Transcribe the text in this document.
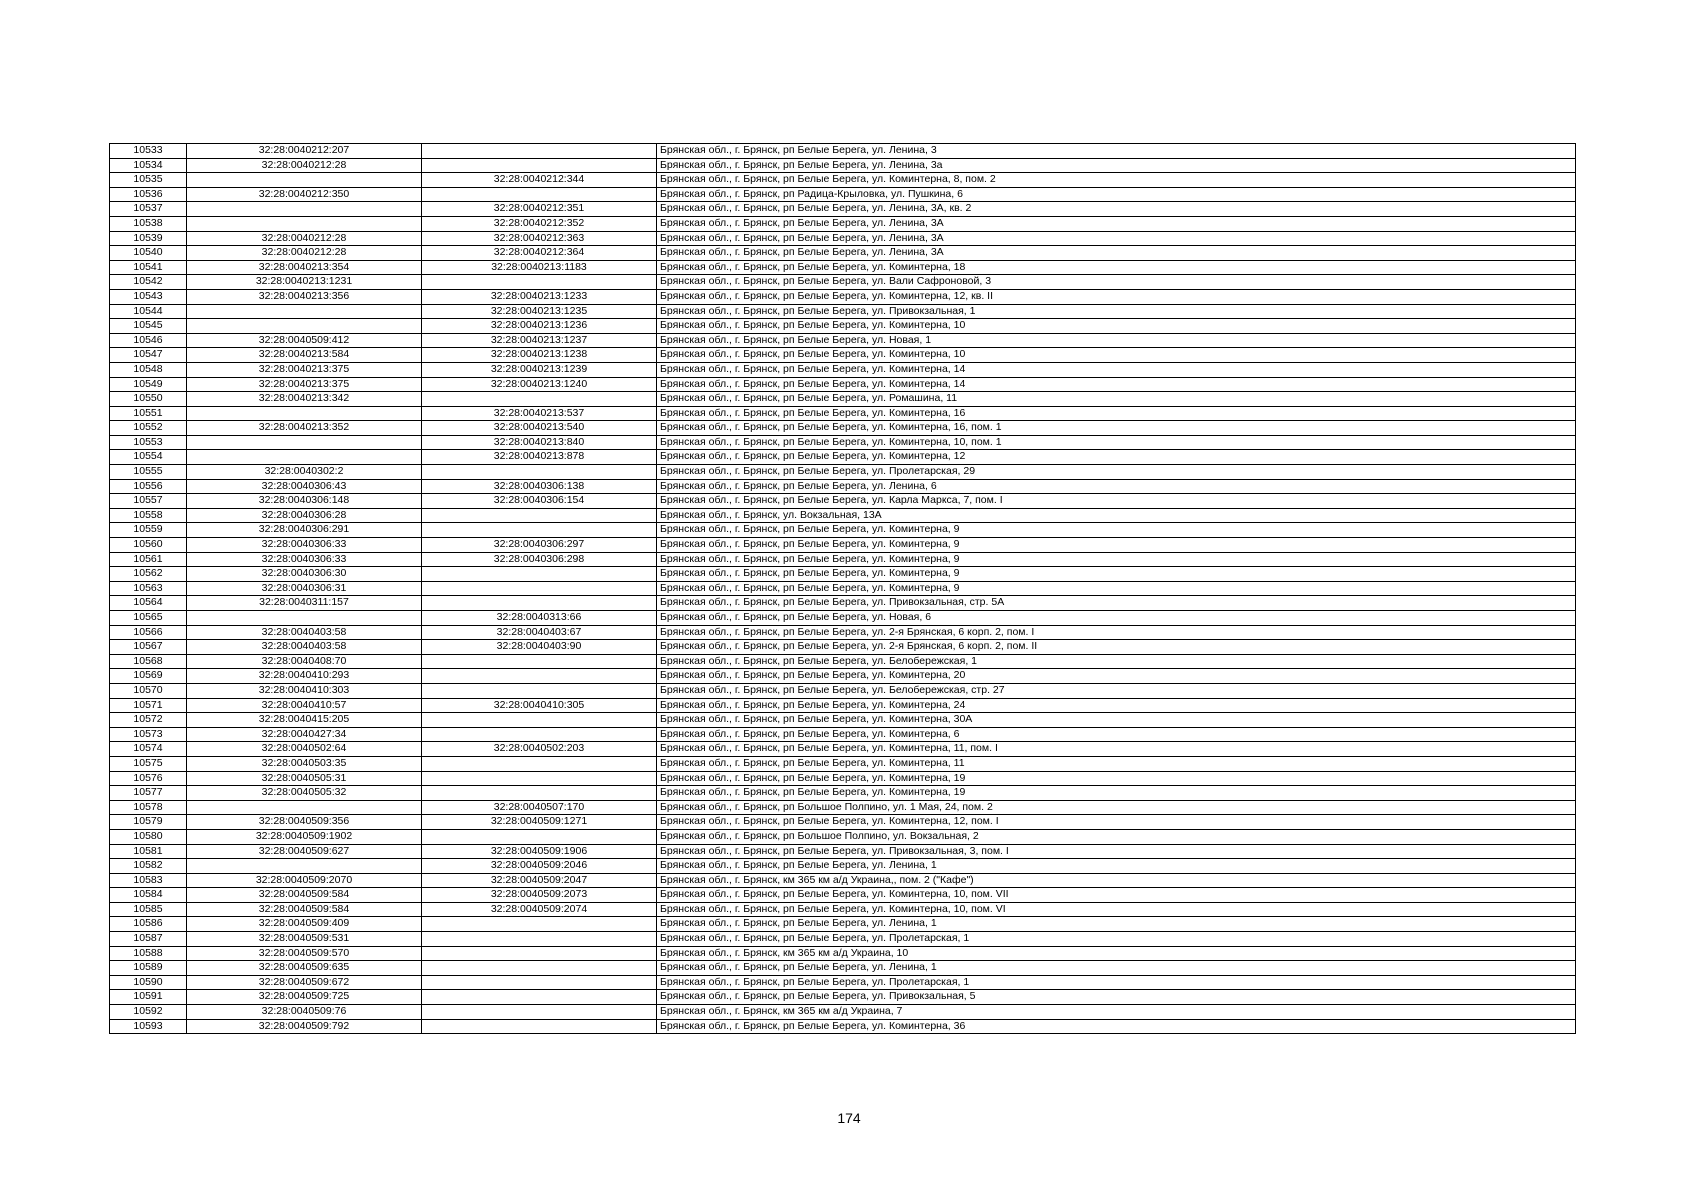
10533	32:28:0040212:207		Брянская обл., г. Брянск, рп Белые Берега, ул. Ленина, 3
10534	32:28:0040212:28		Брянская обл., г. Брянск, рп Белые Берега, ул. Ленина, 3а
10535		32:28:0040212:344	Брянская обл., г. Брянск, рп Белые Берега, ул. Коминтерна, 8, пом. 2
10536	32:28:0040212:350		Брянская обл., г. Брянск, рп Радица-Крыловка, ул. Пушкина, 6
10537		32:28:0040212:351	Брянская обл., г. Брянск, рп Белые Берега, ул. Ленина, 3А, кв. 2
10538		32:28:0040212:352	Брянская обл., г. Брянск, рп Белые Берега, ул. Ленина, 3А
10539	32:28:0040212:28	32:28:0040212:363	Брянская обл., г. Брянск, рп Белые Берега, ул. Ленина, 3А
10540	32:28:0040212:28	32:28:0040212:364	Брянская обл., г. Брянск, рп Белые Берега, ул. Ленина, 3А
10541	32:28:0040213:354	32:28:0040213:1183	Брянская обл., г. Брянск, рп Белые Берега, ул. Коминтерна, 18
10542	32:28:0040213:1231		Брянская обл., г. Брянск, рп Белые Берега, ул. Вали Сафроновой, 3
10543	32:28:0040213:356	32:28:0040213:1233	Брянская обл., г. Брянск, рп Белые Берега, ул. Коминтерна, 12, кв. II
10544		32:28:0040213:1235	Брянская обл., г. Брянск, рп Белые Берега, ул. Привокзальная, 1
10545		32:28:0040213:1236	Брянская обл., г. Брянск, рп Белые Берега, ул. Коминтерна, 10
10546	32:28:0040509:412	32:28:0040213:1237	Брянская обл., г. Брянск, рп Белые Берега, ул. Новая, 1
10547	32:28:0040213:584	32:28:0040213:1238	Брянская обл., г. Брянск, рп Белые Берега, ул. Коминтерна, 10
10548	32:28:0040213:375	32:28:0040213:1239	Брянская обл., г. Брянск, рп Белые Берега, ул. Коминтерна, 14
10549	32:28:0040213:375	32:28:0040213:1240	Брянская обл., г. Брянск, рп Белые Берега, ул. Коминтерна, 14
10550	32:28:0040213:342		Брянская обл., г. Брянск, рп Белые Берега, ул. Ромашина, 11
10551		32:28:0040213:537	Брянская обл., г. Брянск, рп Белые Берега, ул. Коминтерна, 16
10552	32:28:0040213:352	32:28:0040213:540	Брянская обл., г. Брянск, рп Белые Берега, ул. Коминтерна, 16, пом. 1
10553		32:28:0040213:840	Брянская обл., г. Брянск, рп Белые Берега, ул. Коминтерна, 10, пом. 1
10554		32:28:0040213:878	Брянская обл., г. Брянск, рп Белые Берега, ул. Коминтерна, 12
10555	32:28:0040302:2		Брянская обл., г. Брянск, рп Белые Берега, ул. Пролетарская, 29
10556	32:28:0040306:43	32:28:0040306:138	Брянская обл., г. Брянск, рп Белые Берега, ул. Ленина, 6
10557	32:28:0040306:148	32:28:0040306:154	Брянская обл., г. Брянск, рп Белые Берега, ул. Карла Маркса, 7, пом. I
10558	32:28:0040306:28		Брянская обл., г. Брянск, ул. Вокзальная, 13А
10559	32:28:0040306:291		Брянская обл., г. Брянск, рп Белые Берега, ул. Коминтерна, 9
10560	32:28:0040306:33	32:28:0040306:297	Брянская обл., г. Брянск, рп Белые Берега, ул. Коминтерна, 9
10561	32:28:0040306:33	32:28:0040306:298	Брянская обл., г. Брянск, рп Белые Берега, ул. Коминтерна, 9
10562	32:28:0040306:30		Брянская обл., г. Брянск, рп Белые Берега, ул. Коминтерна, 9
10563	32:28:0040306:31		Брянская обл., г. Брянск, рп Белые Берега, ул. Коминтерна, 9
10564	32:28:0040311:157		Брянская обл., г. Брянск, рп Белые Берега, ул. Привокзальная, стр. 5А
10565		32:28:0040313:66	Брянская обл., г. Брянск, рп Белые Берега, ул. Новая, 6
10566	32:28:0040403:58	32:28:0040403:67	Брянская обл., г. Брянск, рп Белые Берега, ул. 2-я Брянская, 6 корп. 2, пом. I
10567	32:28:0040403:58	32:28:0040403:90	Брянская обл., г. Брянск, рп Белые Берега, ул. 2-я Брянская, 6 корп. 2, пом. II
10568	32:28:0040408:70		Брянская обл., г. Брянск, рп Белые Берега, ул. Белобережская, 1
10569	32:28:0040410:293		Брянская обл., г. Брянск, рп Белые Берега, ул. Коминтерна, 20
10570	32:28:0040410:303		Брянская обл., г. Брянск, рп Белые Берега, ул. Белобережская, стр. 27
10571	32:28:0040410:57	32:28:0040410:305	Брянская обл., г. Брянск, рп Белые Берега, ул. Коминтерна, 24
10572	32:28:0040415:205		Брянская обл., г. Брянск, рп Белые Берега, ул. Коминтерна, 30А
10573	32:28:0040427:34		Брянская обл., г. Брянск, рп Белые Берега, ул. Коминтерна, 6
10574	32:28:0040502:64	32:28:0040502:203	Брянская обл., г. Брянск, рп Белые Берега, ул. Коминтерна, 11, пом. I
10575	32:28:0040503:35		Брянская обл., г. Брянск, рп Белые Берега, ул. Коминтерна, 11
10576	32:28:0040505:31		Брянская обл., г. Брянск, рп Белые Берега, ул. Коминтерна, 19
10577	32:28:0040505:32		Брянская обл., г. Брянск, рп Белые Берега, ул. Коминтерна, 19
10578		32:28:0040507:170	Брянская обл., г. Брянск, рп Большое Полпино, ул. 1 Мая, 24, пом. 2
10579	32:28:0040509:356	32:28:0040509:1271	Брянская обл., г. Брянск, рп Белые Берега, ул. Коминтерна, 12, пом. I
10580	32:28:0040509:1902		Брянская обл., г. Брянск, рп Большое Полпино, ул. Вокзальная, 2
10581	32:28:0040509:627	32:28:0040509:1906	Брянская обл., г. Брянск, рп Белые Берега, ул. Привокзальная, 3, пом. I
10582		32:28:0040509:2046	Брянская обл., г. Брянск, рп Белые Берега, ул. Ленина, 1
10583	32:28:0040509:2070	32:28:0040509:2047	Брянская обл., г. Брянск, км 365 км а/д Украина,, пом. 2 ("Кафе")
10584	32:28:0040509:584	32:28:0040509:2073	Брянская обл., г. Брянск, рп Белые Берега, ул. Коминтерна, 10, пом. VII
10585	32:28:0040509:584	32:28:0040509:2074	Брянская обл., г. Брянск, рп Белые Берега, ул. Коминтерна, 10, пом. VI
10586	32:28:0040509:409		Брянская обл., г. Брянск, рп Белые Берега, ул. Ленина, 1
10587	32:28:0040509:531		Брянская обл., г. Брянск, рп Белые Берега, ул. Пролетарская, 1
10588	32:28:0040509:570		Брянская обл., г. Брянск, км 365 км а/д Украина, 10
10589	32:28:0040509:635		Брянская обл., г. Брянск, рп Белые Берега, ул. Ленина, 1
10590	32:28:0040509:672		Брянская обл., г. Брянск, рп Белые Берега, ул. Пролетарская, 1
10591	32:28:0040509:725		Брянская обл., г. Брянск, рп Белые Берега, ул. Привокзальная, 5
10592	32:28:0040509:76		Брянская обл., г. Брянск, км 365 км а/д Украина, 7
10593	32:28:0040509:792		Брянская обл., г. Брянск, рп Белые Берега, ул. Коминтерна, 36
174
